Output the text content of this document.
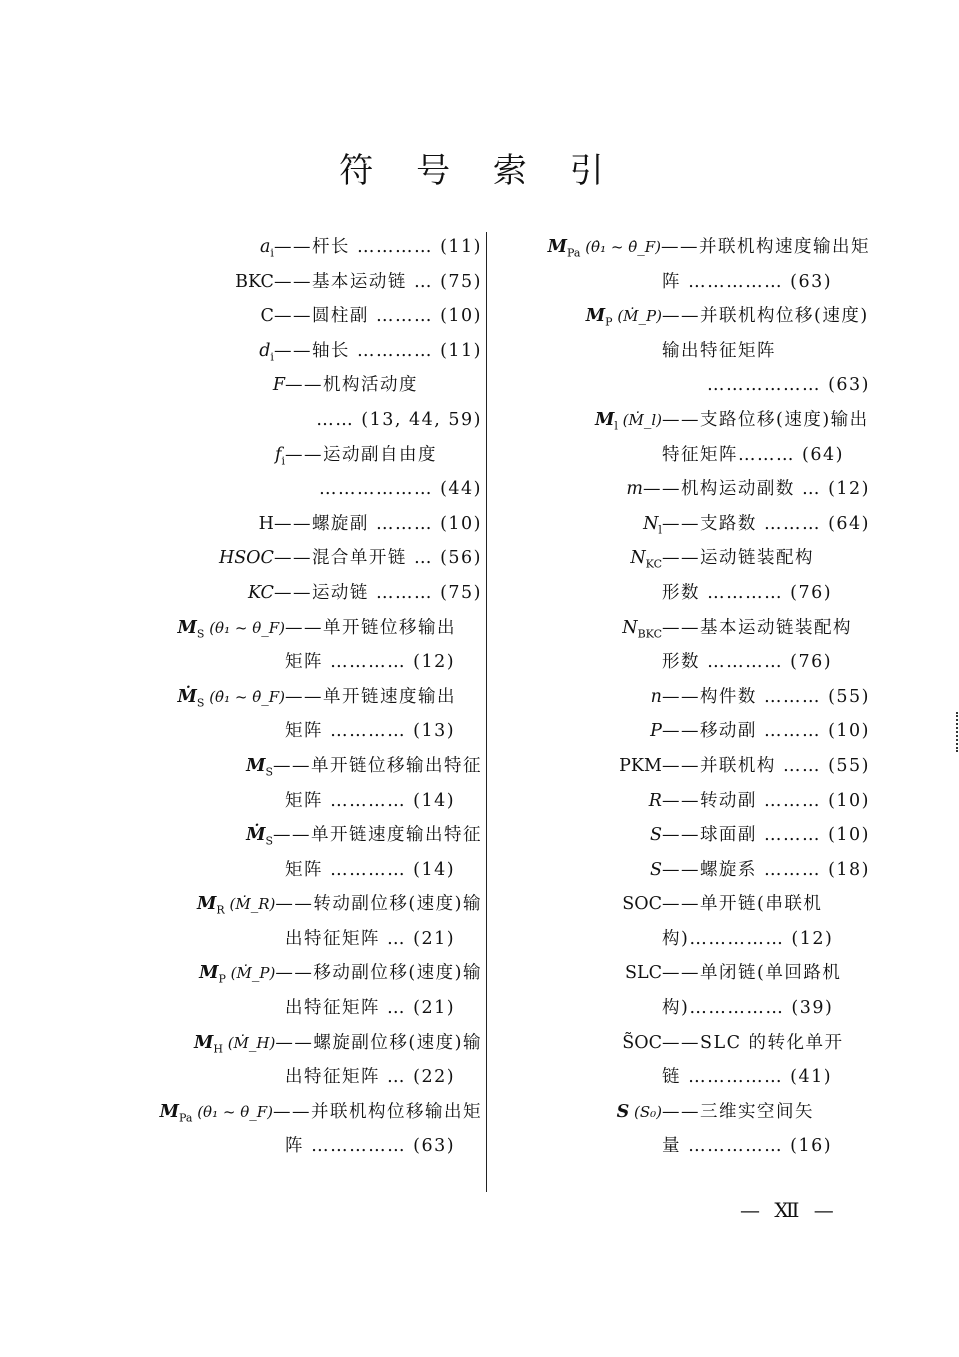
符 号 索 引
$a_i$ ——杆长 ………… (11)
BKC ——基本运动链 … (75)
C ——圆柱副 ……… (10)
$d_i$ ——轴长 ………… (11)
F ——机构活动度
…… (13, 44, 59)
$f_i$ ——运动副自由度
……………… (44)
H ——螺旋副 ……… (10)
HSOC ——混合单开链 … (56)
KC ——运动链 ……… (75)
$M_S$ (θ₁ ~ θ_F) ——单开链位移输出
矩阵 ………… (12)
Ṁ$_S$ (θ̇₁ ~ θ̇_F) ——单开链速度输出
矩阵 ………… (13)
$M_S$ ——单开链位移输出特征
矩阵 ………… (14)
Ṁ$_S$ ——单开链速度输出特征
矩阵 ………… (14)
$M_R$ (Ṁ_R) ——转动副位移(速度)输
出特征矩阵 … (21)
$M_P$ (Ṁ_P) ——移动副位移(速度)输
出特征矩阵 … (21)
$M_H$ (Ṁ_H) ——螺旋副位移(速度)输
出特征矩阵 … (22)
$M_{Pa}$ (θ₁ ~ θ_F) ——并联机构位移输出矩
阵 …………… (63)
$M_{Pa}$ (θ̇₁ ~ θ̇_F) ——并联机构速度输出矩
阵 …………… (63)
$M_P$ (Ṁ_P) ——并联机构位移(速度)
输出特征矩阵
……………… (63)
$M_l$ (Ṁ_l) ——支路位移(速度)输出
特征矩阵……… (64)
m ——机构运动副数 … (12)
$N_l$ ——支路数 ……… (64)
$N_{KC}$ ——运动链装配构
形数 ………… (76)
$N_{BKC}$ ——基本运动链装配构
形数 ………… (76)
n ——构件数 ……… (55)
P ——移动副 ……… (10)
PKM ——并联机构 …… (55)
R ——转动副 ……… (10)
S ——球面副 ……… (10)
S ——螺旋系 ……… (18)
SOC ——单开链(串联机
构)…………… (12)
SLC ——单闭链(单回路机
构)…………… (39)
S̃OC ——SLC 的转化单开
链 …………… (41)
S (S₀) ——三维实空间矢
量 …………… (16)
— Ⅻ —
